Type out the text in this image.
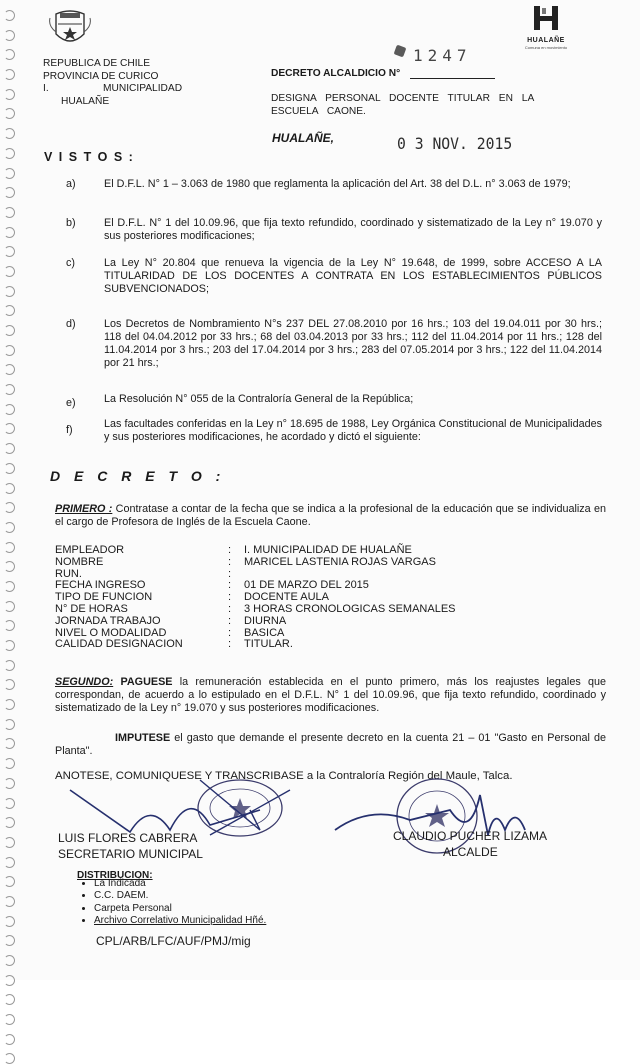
REPUBLICA DE CHILE
PROVINCIA DE CURICO
I.	MUNICIPALIDAD
HUALAÑE
HUALAÑE
Comuna en movimiento
DECRETO ALCALDICIO N°
1247
DESIGNA PERSONAL DOCENTE TITULAR EN LA ESCUELA CAONE.
HUALAÑE,	0 3 NOV. 2015
V I S T O S :
a)	El D.F.L. N° 1 – 3.063 de 1980 que reglamenta la aplicación del Art. 38 del D.L. n° 3.063 de 1979;
b)	El D.F.L. N° 1 del 10.09.96, que fija texto refundido, coordinado y sistematizado de la Ley n° 19.070 y sus posteriores modificaciones;
c)	La Ley N° 20.804 que renueva la vigencia de la Ley N° 19.648, de 1999, sobre ACCESO A LA TITULARIDAD DE LOS DOCENTES A CONTRATA EN LOS ESTABLECIMIENTOS PÚBLICOS SUBVENCIONADOS;
d)	Los Decretos de Nombramiento N°s 237 DEL 27.08.2010 por 16 hrs.; 103 del 19.04.011 por 30 hrs.; 118 del 04.04.2012 por 33 hrs.; 68 del 03.04.2013 por 33 hrs.; 112 del 11.04.2014 por 11 hrs.; 128 del 11.04.2014 por 3 hrs.; 203 del 17.04.2014 por 3 hrs.; 283 del 07.05.2014 por 3 hrs.; 122 del 11.04.2014 por 21 hrs.;
e)	La Resolución N° 055 de la Contraloría General de la República;
f)	Las facultades conferidas en la Ley n° 18.695 de 1988, Ley Orgánica Constitucional de Municipalidades y sus posteriores modificaciones, he acordado y dictó el siguiente:
D E C R E T O :
PRIMERO : Contratase a contar de la fecha que se indica a la profesional de la educación que se individualiza en el cargo de Profesora de Inglés de la Escuela Caone.
EMPLEADOR	: I. MUNICIPALIDAD DE HUALAÑE
NOMBRE	: MARICEL LASTENIA ROJAS VARGAS
RUN.	:
FECHA INGRESO	: 01 DE MARZO DEL 2015
TIPO DE FUNCION	: DOCENTE AULA
N° DE HORAS	: 3 HORAS CRONOLOGICAS SEMANALES
JORNADA TRABAJO	: DIURNA
NIVEL O MODALIDAD	: BASICA
CALIDAD DESIGNACION	: TITULAR.
SEGUNDO: PAGUESE la remuneración establecida en el punto primero, más los reajustes legales que correspondan, de acuerdo a lo estipulado en el D.F.L. N° 1 del 10.09.96, que fija texto refundido, coordinado y sistematizado de la Ley n° 19.070 y sus posteriores modificaciones.
IMPUTESE el gasto que demande el presente decreto en la cuenta 21 – 01 "Gasto en Personal de Planta".
ANOTESE, COMUNIQUESE Y TRANSCRIBASE a la Contraloría Región del Maule, Talca.
LUIS FLORES CABRERA
SECRETARIO MUNICIPAL
CLAUDIO PUCHER LIZAMA
ALCALDE
DISTRIBUCION:
• La Indicada
• C.C. DAEM.
• Carpeta Personal
• Archivo Correlativo Municipalidad Hñé.
CPL/ARB/LFC/AUF/PMJ/mig
